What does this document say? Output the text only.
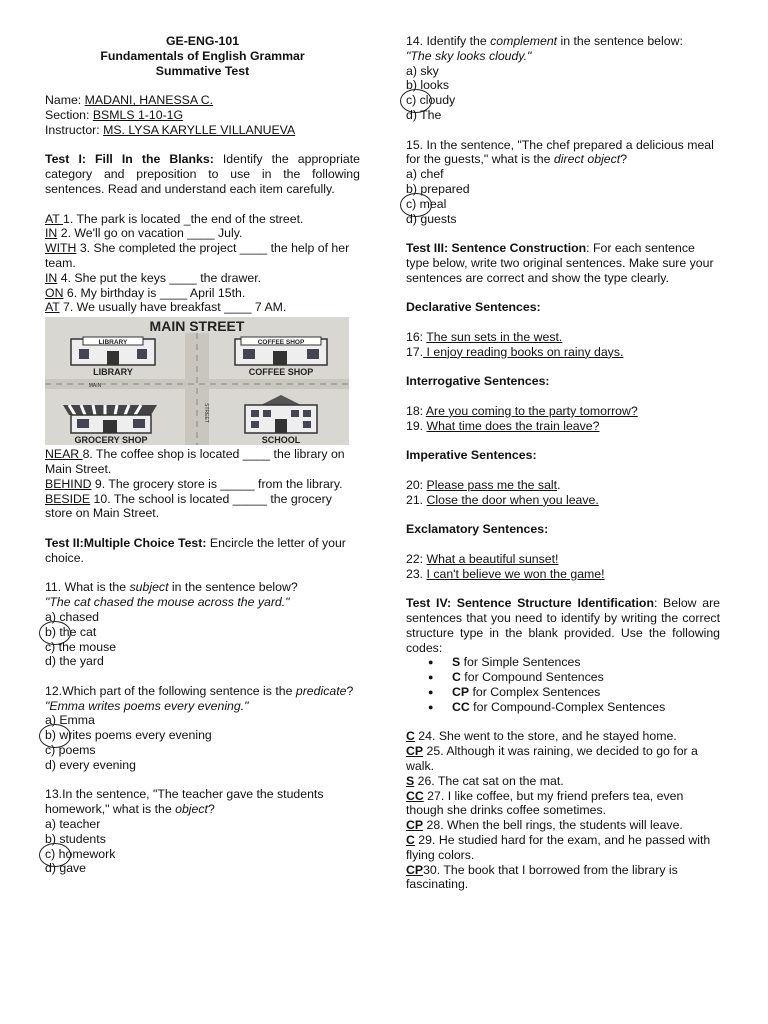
GE-ENG-101

Fundamentals of English Grammar

Summative Test

Name: MADANI, HANESSA C.

Section: BSMLS 1-10-1G

Instructor: MS. LYSA KARYLLE VILLANUEVA

Test I: Fill In the Blanks: Identify the appropriate category and preposition to use in the following sentences. Read and understand each item carefully.

AT 1. The park is located _the end of the street.

IN 2. We'll go on vacation ____ July.

WITH 3. She completed the project ____ the help of her team.

IN 4. She put the keys ____ the drawer.

ON 6. My birthday is ____ April 15th.

AT 7. We usually have breakfast ____ 7 AM.

MAIN STREET
LIBRARY
LIBRARY
COFFEE SHOP
COFFEE SHOP
MAIN
STREET
GROCERY SHOP	SCHOOL

NEAR 8. The coffee shop is located ____ the library on Main Street.

BEHIND 9. The grocery store is _____ from the library.

BESIDE 10. The school is located _____ the grocery store on Main Street.

Test II:Multiple Choice Test: Encircle the letter of your choice.

11. What is the subject in the sentence below?

"The cat chased the mouse across the yard."

a) chased

b) the cat

c) the mouse

d) the yard

12.Which part of the following sentence is the predicate?

"Emma writes poems every evening."

a) Emma

b) writes poems every evening

c) poems

d) every evening

13.In the sentence, "The teacher gave the students homework," what is the object?

a) teacher

b) students

c) homework

d) gave

14. Identify the complement in the sentence below:

"The sky looks cloudy."

a) sky

b) looks

c) cloudy

d) The

15. In the sentence, "The chef prepared a delicious meal for the guests," what is the direct object?

a) chef

b) prepared

c) meal

d) guests

Test III: Sentence Construction: For each sentence type below, write two original sentences. Make sure your sentences are correct and show the type clearly.

Declarative Sentences:

16: The sun sets in the west.

17. I enjoy reading books on rainy days.

Interrogative Sentences:

18: Are you coming to the party tomorrow?

19. What time does the train leave?

Imperative Sentences:

20: Please pass me the salt.

21. Close the door when you leave.

Exclamatory Sentences:

22: What a beautiful sunset!

23. I can't believe we won the game!

Test IV: Sentence Structure Identification: Below are sentences that you need to identify by writing the correct structure type in the blank provided. Use the following codes:

● S for Simple Sentences
● C for Compound Sentences
● CP for Complex Sentences
● CC for Compound-Complex Sentences

C 24. She went to the store, and he stayed home.

CP 25. Although it was raining, we decided to go for a walk.

S 26. The cat sat on the mat.

CC 27. I like coffee, but my friend prefers tea, even though she drinks coffee sometimes.

CP 28. When the bell rings, the students will leave.

C 29. He studied hard for the exam, and he passed with flying colors.

CP30. The book that I borrowed from the library is fascinating.
